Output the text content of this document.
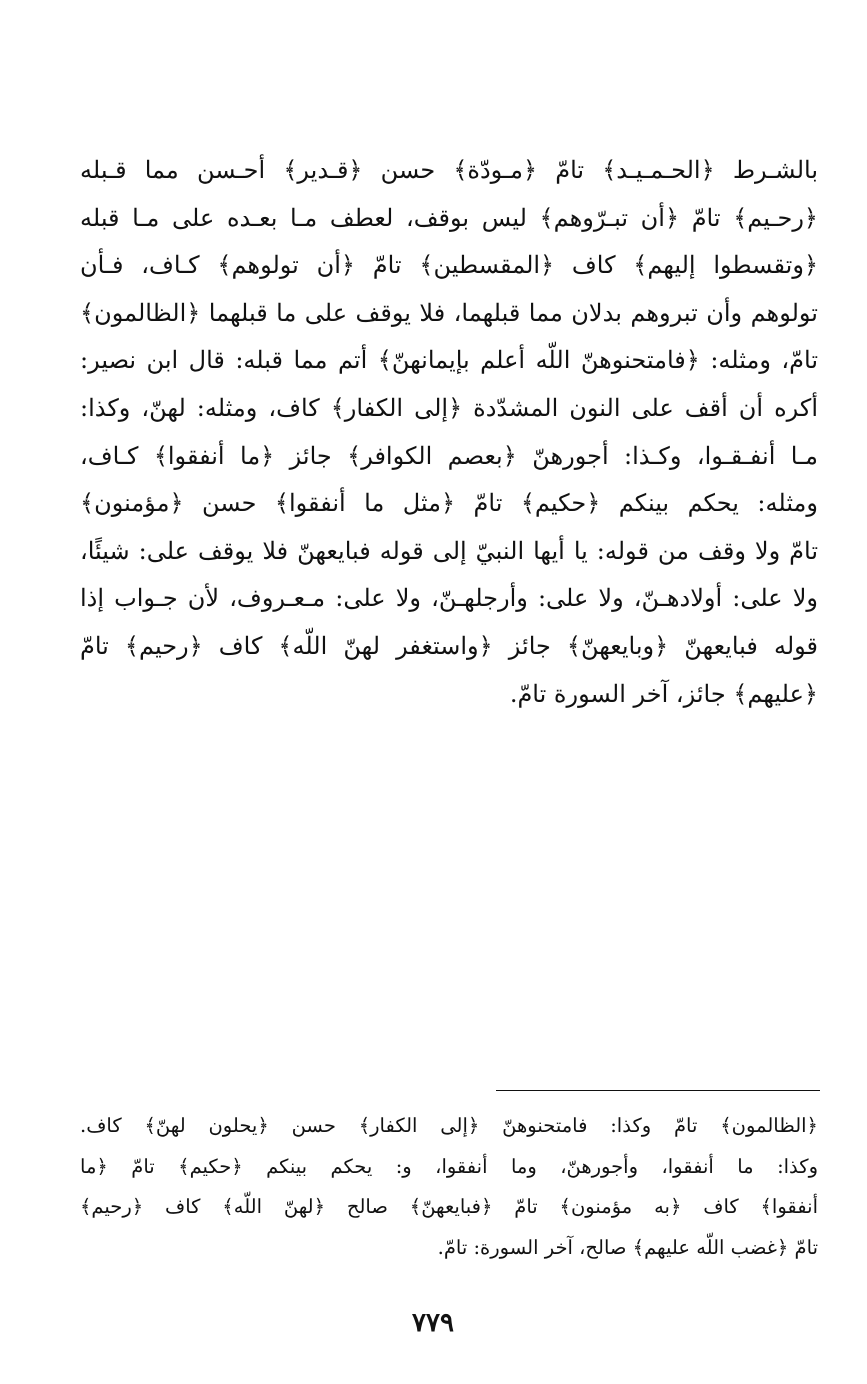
بالشـرط ﴿الحـمـيـد﴾ تامّ ﴿مـودّة﴾ حسن ﴿قـدير﴾ أحـسن مما قـبله
﴿رحـيم﴾ تامّ ﴿أن تبـرّوهم﴾ ليس بوقف، لعطف مـا بعـده على مـا قبله
﴿وتقسطوا إليهم﴾ كاف ﴿المقسطين﴾ تامّ ﴿أن تولوهم﴾ كـاف، فـأن
تولوهم وأن تبروهم بدلان مما قبلهما، فلا يوقف على ما قبلهما ﴿الظالمون﴾
تامّ، ومثله: ﴿فامتحنوهنّ اللّه أعلم بإيمانهنّ﴾ أتم مما قبله: قال ابن نصير:
أكره أن أقف على النون المشدّدة ﴿إلى الكفار﴾ كاف، ومثله: لهنّ، وكذا:
مـا أنفـقـوا، وكـذا: أجورهنّ ﴿بعصم الكوافر﴾ جائز ﴿ما أنفقوا﴾ كـاف،
ومثله: يحكم بينكم ﴿حكيم﴾ تامّ ﴿مثل ما أنفقوا﴾ حسن ﴿مؤمنون﴾
تامّ ولا وقف من قوله: يا أيها النبيّ إلى قوله فبايعهنّ فلا يوقف على: شيئًا،
ولا على: أولادهـنّ، ولا على: وأرجلهـنّ، ولا على: مـعـروف، لأن جـواب إذا
قوله فبايعهنّ ﴿وبايعهنّ﴾ جائز ﴿واستغفر لهنّ اللّه﴾ كاف ﴿رحيم﴾ تامّ
﴿عليهم﴾ جائز، آخر السورة تامّ.
﴿الظالمون﴾ تامّ وكذا: فامتحنوهنّ ﴿إلى الكفار﴾ حسن ﴿يحلون لهنّ﴾ كاف.
وكذا: ما أنفقوا، وأجورهنّ، وما أنفقوا، و: يحكم بينكم ﴿حكيم﴾ تامّ ﴿ما
أنفقوا﴾ كاف ﴿به مؤمنون﴾ تامّ ﴿فبايعهنّ﴾ صالح ﴿لهنّ اللّه﴾ كاف ﴿رحيم﴾
تامّ ﴿غضب اللّه عليهم﴾ صالح، آخر السورة: تامّ.
٧٧٩
